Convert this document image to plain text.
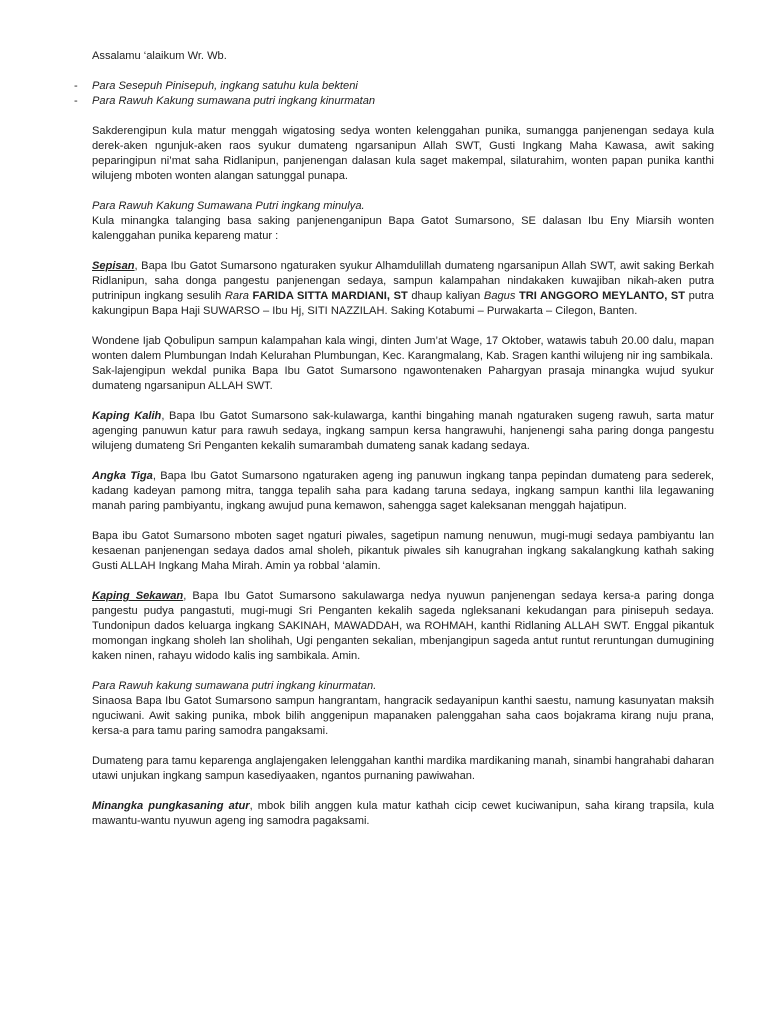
Assalamu ‘alaikum Wr. Wb.

- Para Sesepuh Pinisepuh, ingkang satuhu kula bekteni
- Para Rawuh Kakung sumawana putri ingkang kinurmatan

Sakderengipun kula matur menggah wigatosing sedya wonten kelenggahan punika, sumangga panjenengan sedaya kula derek-aken ngunjuk-aken raos syukur dumateng ngarsanipun Allah SWT, Gusti Ingkang Maha Kawasa, awit saking peparingipun ni’mat saha Ridlanipun, panjenengan dalasan kula saget makempal, silaturahim, wonten papan punika kanthi wilujeng mboten wonten alangan satunggal punapa.

Para Rawuh Kakung Sumawana Putri ingkang minulya.

Kula minangka talanging basa saking panjenenganipun Bapa Gatot Sumarsono, SE dalasan Ibu Eny Miarsih wonten kalenggahan punika kepareng matur :

Sepisan, Bapa Ibu Gatot Sumarsono ngaturaken syukur Alhamdulillah dumateng ngarsanipun Allah SWT, awit saking Berkah Ridlanipun, saha donga pangestu panjenengan sedaya, sampun kalampahan nindakaken kuwajiban nikah-aken putra putrinipun ingkang sesulih Rara FARIDA SITTA MARDIANI, ST dhaup kaliyan Bagus TRI ANGGORO MEYLANTO, ST putra kakungipun Bapa Haji SUWARSO – Ibu Hj, SITI NAZZILAH. Saking Kotabumi – Purwakarta – Cilegon, Banten.

Wondene Ijab Qobulipun sampun kalampahan kala wingi, dinten Jum’at Wage, 17 Oktober, watawis tabuh 20.00 dalu, mapan wonten dalem Plumbungan Indah Kelurahan Plumbungan, Kec. Karangmalang, Kab. Sragen kanthi wilujeng nir ing sambikala.

Sak-lajengipun wekdal punika Bapa Ibu Gatot Sumarsono ngawontenaken Pahargyan prasaja minangka wujud syukur dumateng ngarsanipun ALLAH SWT.

Kaping Kalih, Bapa Ibu Gatot Sumarsono sak-kulawarga, kanthi bingahing manah ngaturaken sugeng rawuh, sarta matur agenging panuwun katur para rawuh sedaya, ingkang sampun kersa hangrawuhi, hanjenengi saha paring donga pangestu wilujeng dumateng Sri Penganten kekalih sumarambah dumateng sanak kadang sedaya.

Angka Tiga, Bapa Ibu Gatot Sumarsono ngaturaken ageng ing panuwun ingkang tanpa pepindan dumateng para sederek, kadang kadeyan pamong mitra, tangga tepalih saha para kadang taruna sedaya, ingkang sampun kanthi lila legawaning manah paring pambiyantu, ingkang awujud puna kemawon, sahengga saget kaleksanan menggah hajatipun.

Bapa ibu Gatot Sumarsono mboten saget ngaturi piwales, sagetipun namung nenuwun, mugi-mugi sedaya pambiyantu lan kesaenan panjenengan sedaya dados amal sholeh, pikantuk piwales sih kanugrahan ingkang sakalangkung kathah saking Gusti ALLAH Ingkang Maha Mirah. Amin ya robbal ‘alamin.

Kaping Sekawan, Bapa Ibu Gatot Sumarsono sakulawarga nedya nyuwun panjenengan sedaya kersa-a paring donga pangestu pudya pangastuti, mugi-mugi Sri Penganten kekalih sageda ngleksanani kekudangan para pinisepuh sedaya. Tundonipun dados keluarga ingkang SAKINAH, MAWADDAH, wa ROHMAH, kanthi Ridlaning ALLAH SWT. Enggal pikantuk momongan ingkang sholeh lan sholihah, Ugi penganten sekalian, mbenjangipun sageda antut runtut reruntungan dumugining kaken ninen, rahayu widodo kalis ing sambikala. Amin.

Para Rawuh kakung sumawana putri ingkang kinurmatan.

Sinaosa Bapa Ibu Gatot Sumarsono sampun hangrantam, hangracik sedayanipun kanthi saestu, namung kasunyatan maksih nguciwani. Awit saking punika, mbok bilih anggenipun mapanaken palenggahan saha caos bojakrama kirang nuju prana, kersa-a para tamu paring samodra pangaksami.

Dumateng para tamu keparenga anglajengaken lelenggahan kanthi mardika mardikaning manah, sinambi hangrahabi daharan utawi unjukan ingkang sampun kasediyaaken, ngantos purnaning pawiwahan.

Minangka pungkasaning atur, mbok bilih anggen kula matur kathah cicip cewet kuciwanipun, saha kirang trapsila, kula mawantu-wantu nyuwun ageng ing samodra pagaksami.
